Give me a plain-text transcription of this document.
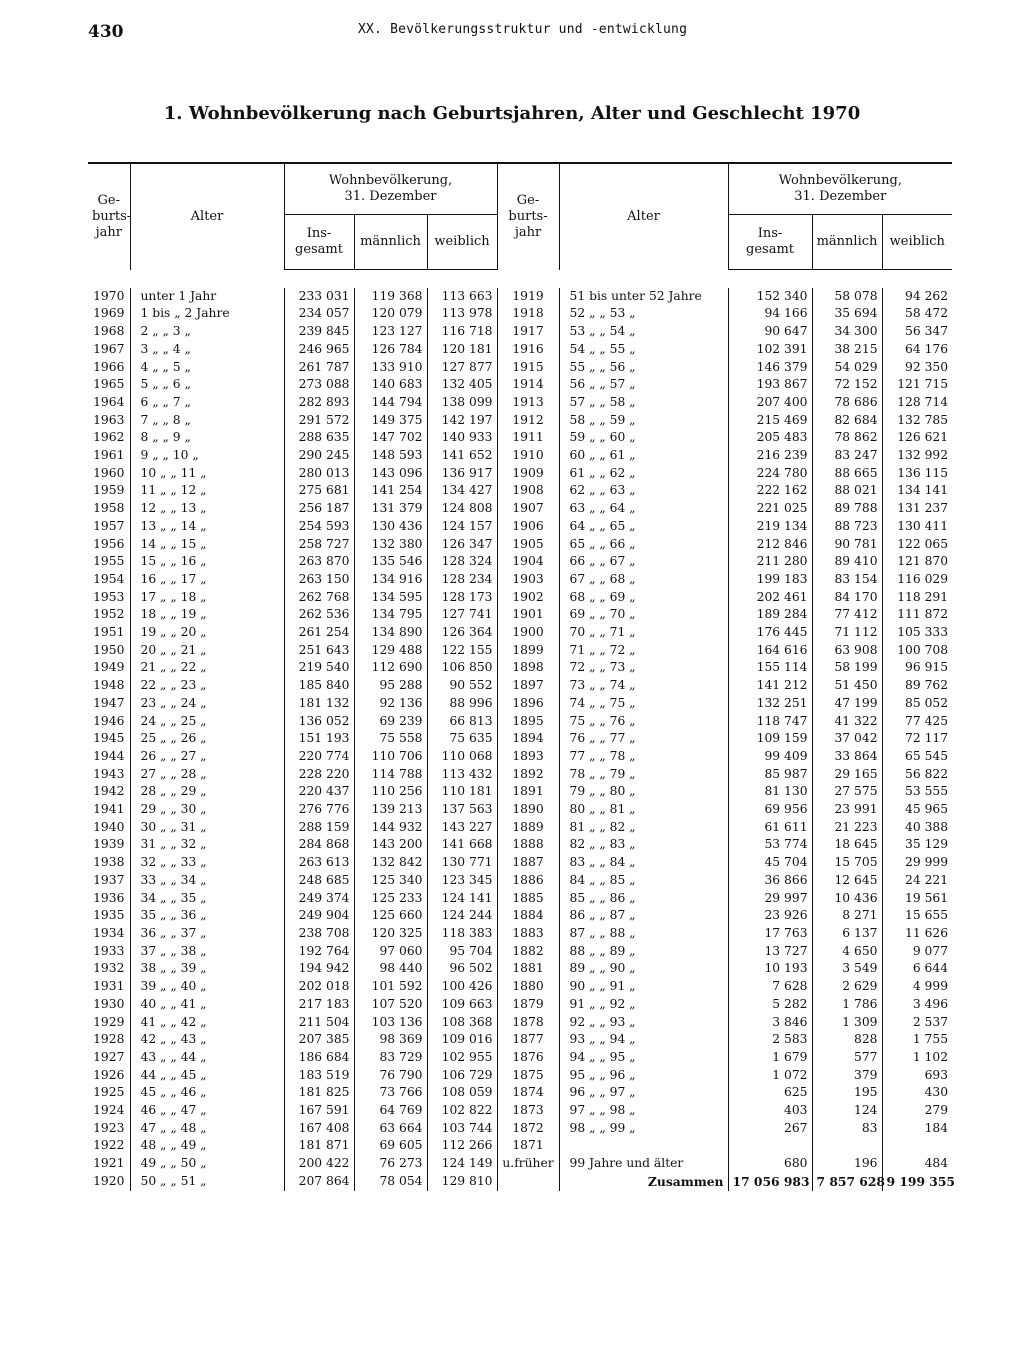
430	XX. Bevölkerungsstruktur und -entwicklung
1. Wohnbevölkerung nach Geburtsjahren, Alter und Geschlecht 1970
Ge-
burts-
jahr	Alter	Wohnbevölkerung,
31. Dezember			Ge-
burts-
jahr	Alter	Wohnbevölkerung,
31. Dezember		
		Ins-
gesamt	männlich	weiblich			Ins-
gesamt	männlich	weiblich

1970	unter 1 Jahr	233 031	119 368	113 663	1919	51 bis unter 52 Jahre	152 340	58 078	94 262
1969	1 bis „ 2 Jahre	234 057	120 079	113 978	1918	52 „ „ 53 „	94 166	35 694	58 472
1968	2 „ „ 3 „	239 845	123 127	116 718	1917	53 „ „ 54 „	90 647	34 300	56 347
1967	3 „ „ 4 „	246 965	126 784	120 181	1916	54 „ „ 55 „	102 391	38 215	64 176
1966	4 „ „ 5 „	261 787	133 910	127 877	1915	55 „ „ 56 „	146 379	54 029	92 350
1965	5 „ „ 6 „	273 088	140 683	132 405	1914	56 „ „ 57 „	193 867	72 152	121 715
1964	6 „ „ 7 „	282 893	144 794	138 099	1913	57 „ „ 58 „	207 400	78 686	128 714
1963	7 „ „ 8 „	291 572	149 375	142 197	1912	58 „ „ 59 „	215 469	82 684	132 785
1962	8 „ „ 9 „	288 635	147 702	140 933	1911	59 „ „ 60 „	205 483	78 862	126 621
1961	9 „ „ 10 „	290 245	148 593	141 652	1910	60 „ „ 61 „	216 239	83 247	132 992
1960	10 „ „ 11 „	280 013	143 096	136 917	1909	61 „ „ 62 „	224 780	88 665	136 115
1959	11 „ „ 12 „	275 681	141 254	134 427	1908	62 „ „ 63 „	222 162	88 021	134 141
1958	12 „ „ 13 „	256 187	131 379	124 808	1907	63 „ „ 64 „	221 025	89 788	131 237
1957	13 „ „ 14 „	254 593	130 436	124 157	1906	64 „ „ 65 „	219 134	88 723	130 411
1956	14 „ „ 15 „	258 727	132 380	126 347	1905	65 „ „ 66 „	212 846	90 781	122 065
1955	15 „ „ 16 „	263 870	135 546	128 324	1904	66 „ „ 67 „	211 280	89 410	121 870
1954	16 „ „ 17 „	263 150	134 916	128 234	1903	67 „ „ 68 „	199 183	83 154	116 029
1953	17 „ „ 18 „	262 768	134 595	128 173	1902	68 „ „ 69 „	202 461	84 170	118 291
1952	18 „ „ 19 „	262 536	134 795	127 741	1901	69 „ „ 70 „	189 284	77 412	111 872
1951	19 „ „ 20 „	261 254	134 890	126 364	1900	70 „ „ 71 „	176 445	71 112	105 333
1950	20 „ „ 21 „	251 643	129 488	122 155	1899	71 „ „ 72 „	164 616	63 908	100 708
1949	21 „ „ 22 „	219 540	112 690	106 850	1898	72 „ „ 73 „	155 114	58 199	96 915
1948	22 „ „ 23 „	185 840	95 288	90 552	1897	73 „ „ 74 „	141 212	51 450	89 762
1947	23 „ „ 24 „	181 132	92 136	88 996	1896	74 „ „ 75 „	132 251	47 199	85 052
1946	24 „ „ 25 „	136 052	69 239	66 813	1895	75 „ „ 76 „	118 747	41 322	77 425
1945	25 „ „ 26 „	151 193	75 558	75 635	1894	76 „ „ 77 „	109 159	37 042	72 117
1944	26 „ „ 27 „	220 774	110 706	110 068	1893	77 „ „ 78 „	99 409	33 864	65 545
1943	27 „ „ 28 „	228 220	114 788	113 432	1892	78 „ „ 79 „	85 987	29 165	56 822
1942	28 „ „ 29 „	220 437	110 256	110 181	1891	79 „ „ 80 „	81 130	27 575	53 555
1941	29 „ „ 30 „	276 776	139 213	137 563	1890	80 „ „ 81 „	69 956	23 991	45 965
1940	30 „ „ 31 „	288 159	144 932	143 227	1889	81 „ „ 82 „	61 611	21 223	40 388
1939	31 „ „ 32 „	284 868	143 200	141 668	1888	82 „ „ 83 „	53 774	18 645	35 129
1938	32 „ „ 33 „	263 613	132 842	130 771	1887	83 „ „ 84 „	45 704	15 705	29 999
1937	33 „ „ 34 „	248 685	125 340	123 345	1886	84 „ „ 85 „	36 866	12 645	24 221
1936	34 „ „ 35 „	249 374	125 233	124 141	1885	85 „ „ 86 „	29 997	10 436	19 561
1935	35 „ „ 36 „	249 904	125 660	124 244	1884	86 „ „ 87 „	23 926	8 271	15 655
1934	36 „ „ 37 „	238 708	120 325	118 383	1883	87 „ „ 88 „	17 763	6 137	11 626
1933	37 „ „ 38 „	192 764	97 060	95 704	1882	88 „ „ 89 „	13 727	4 650	9 077
1932	38 „ „ 39 „	194 942	98 440	96 502	1881	89 „ „ 90 „	10 193	3 549	6 644
1931	39 „ „ 40 „	202 018	101 592	100 426	1880	90 „ „ 91 „	7 628	2 629	4 999
1930	40 „ „ 41 „	217 183	107 520	109 663	1879	91 „ „ 92 „	5 282	1 786	3 496
1929	41 „ „ 42 „	211 504	103 136	108 368	1878	92 „ „ 93 „	3 846	1 309	2 537
1928	42 „ „ 43 „	207 385	98 369	109 016	1877	93 „ „ 94 „	2 583	828	1 755
1927	43 „ „ 44 „	186 684	83 729	102 955	1876	94 „ „ 95 „	1 679	577	1 102
1926	44 „ „ 45 „	183 519	76 790	106 729	1875	95 „ „ 96 „	1 072	379	693
1925	45 „ „ 46 „	181 825	73 766	108 059	1874	96 „ „ 97 „	625	195	430
1924	46 „ „ 47 „	167 591	64 769	102 822	1873	97 „ „ 98 „	403	124	279
1923	47 „ „ 48 „	167 408	63 664	103 744	1872	98 „ „ 99 „	267	83	184
1922	48 „ „ 49 „	181 871	69 605	112 266	1871				
1921	49 „ „ 50 „	200 422	76 273	124 149	u.früher	99 Jahre und älter	680	196	484
1920	50 „ „ 51 „	207 864	78 054	129 810		Zusammen	17 056 983	7 857 628	9 199 355
